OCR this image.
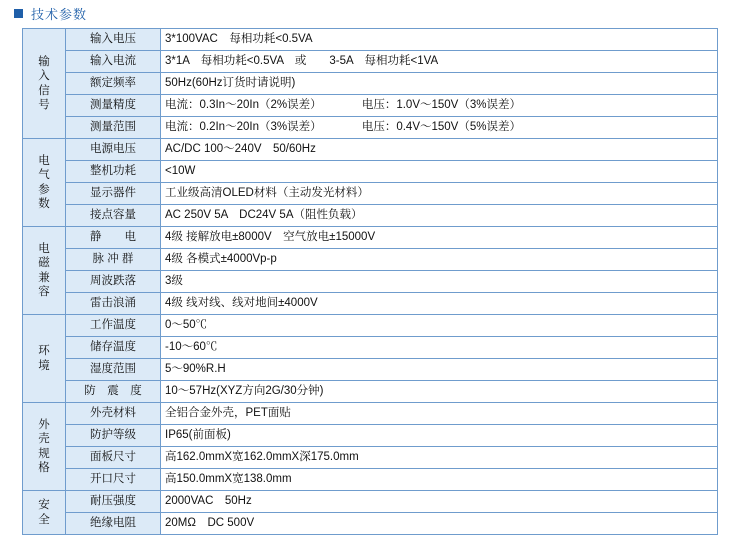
技术参数
输
入
信
号	输入电压	3*100VAC　每相功耗<0.5VA
	输入电流	3*1A　每相功耗<0.5VA　或　　3-5A　每相功耗<1VA
	额定频率	50Hz(60Hz订货时请说明)
	测量精度	电流：0.3In～20In（2%误差）　　　　电压：1.0V～150V（3%误差）
	测量范围	电流：0.2In～20In（3%误差）　　　　电压：0.4V～150V（5%误差）

电
气
参
数	电源电压	AC/DC 100～240V　50/60Hz
	整机功耗	<10W
	显示器件	工业级高清OLED材料（主动发光材料）
	接点容量	AC 250V 5A　DC24V 5A（阻性负载）

电
磁
兼
容	静　　电	4级 接解放电±8000V　空气放电±15000V
	脉 冲 群	4级 各模式±4000Vp-p
	周波跌落	3级
	雷击浪涌	4级 线对线、线对地间±4000V

环
境	工作温度	0～50℃
	储存温度	-10～60℃
	湿度范围	5～90%R.H
	防　震　度	10～57Hz(XYZ方向2G/30分钟)

外
壳
规
格	外壳材料	全铝合金外壳，PET面贴
	防护等级	IP65(前面板)
	面板尺寸	高162.0mmX宽162.0mmX深175.0mm
	开口尺寸	高150.0mmX宽138.0mm

安
全	耐压强度	2000VAC　50Hz
	绝缘电阻	20MΩ　DC 500V
